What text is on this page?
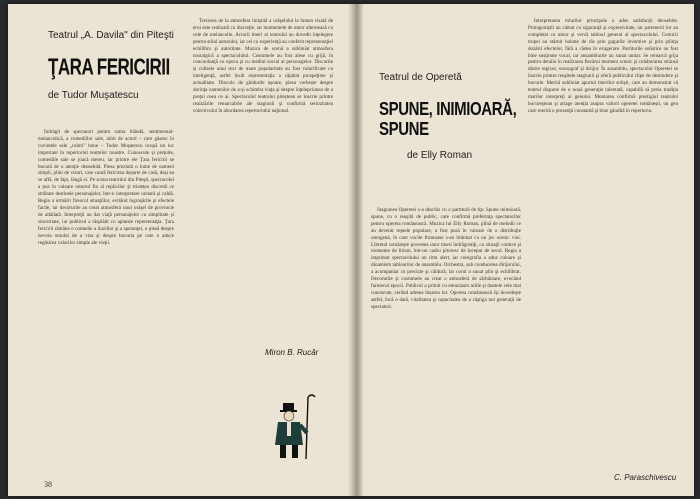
Teatrul „A. Davila" din Piteşti
ŢARA FERICIRII
de Tudor Muşatescu

Îndrăgit de spectatori pentru satira blândă, sentimental-melancolică, a comediilor sale, iubit de actori – care găsesc în cuvintele sale „roluri" bune – Tudor Muşatescu ocupă un loc important în repertoriul teatrelor noastre. Cunoscute şi preţuite, comediile sale se joacă mereu, iar printre ele Ţara fericirii se bucură de o atenţie deosebită. Piesa prezintă o lume de oameni simpli, plini de visuri, care caută fericirea departe de casă, deşi ea se află, de fapt, lângă ei. Pe scena teatrului din Piteşti, spectacolul a pus în valoare umorul fin al replicilor şi tristeţea discretă ce străbate destinele personajelor, într-o interpretare unitară şi caldă. Regia a urmărit firescul situaţiilor, evitând îngroşările şi efectele facile, iar decorurile au creat atmosfera unui orăşel de provincie de altădată. Interpreţii au dat viaţă personajelor cu simplitate şi sinceritate, iar publicul a răsplătit cu aplauze reprezentaţia. Ţara fericirii rămâne o comedie a iluziilor şi a speranţei, o piesă despre nevoia omului de a visa şi despre bucuria pe care o aduce regăsirea valorilor simple ale vieţii.

Trecerea de la atmosfera liniştită a orăşelului la lumea visată de eroi este realizată cu discreţie, iar momentele de umor alternează cu cele de melancolie. Actorii tineri ai teatrului au dovedit înţelegere pentru stilul autorului, iar cei cu experienţă au conferit reprezentaţiei echilibru şi autoritate. Muzica de scenă a subliniat atmosfera nostalgică a spectacolului. Costumele au fost alese cu grijă, în concordanţă cu epoca şi cu mediul social al personajelor. Discurile şi culisele unui text de mare popularitate au fost valorificate cu inteligenţă, astfel încât reprezentaţia a căpătat prospeţime şi actualitate. Dincolo de ghidurile uşoare, piesa vorbeşte despre dorinţa oamenilor de a-şi schimba viaţa şi despre înţelepciunea de a preţui ceea ce ai. Spectacolul teatrului piteştean se înscrie printre realizările remarcabile ale stagiunii şi confirmă seriozitatea colectivului în abordarea repertoriului naţional.

Miron B. Rucăr
38
Teatrul de Operetă
SPUNE, INIMIOARĂ, SPUNE
de Elly Roman

Stagiunea Operetei s-a deschis cu o partitură de tip: Spune inimioară, spune, cu o reuşită de public, care confirmă preferinţa spectatorilor pentru opereta românească. Muzica lui Elly Roman, plină de melodii ce au devenit repede populare, a fost pusă în valoare de o distribuţie omogenă, în care vocile frumoase s-au îmbinat cu un joc scenic vioi. Libretul urmăreşte povestea unor tineri îndrăgostiţi, cu situaţii comice şi momente de lirism, într-un cadru pitoresc de început de secol. Regia a imprimat spectacolului un ritm alert, iar coregrafia a adus culoare şi dinamism tablourilor de ansamblu. Orchestra, sub conducerea dirijorului, a acompaniat cu precizie şi căldură, iar corul a sunat plin şi echilibrat. Decorurile şi costumele au creat o atmosferă de sărbătoare, evocând farmecul epocii. Publicul a primit cu entuziasm ariile şi duetele cele mai cunoscute, cerând adesea bisarea lor. Opereta românească îşi dovedeşte astfel, încă o dată, vitalitatea şi capacitatea de a câştiga noi generaţii de spectatori.

Interpretarea rolurilor principale a adus satisfacţii deosebite. Protagoniştii au cântat cu siguranţă şi expresivitate, iar partenerii lor au completat cu umor şi vervă tabloul general al spectacolului. Comicii trupei au stârnit hohote de râs prin gagurile inventive şi prin ştiinţa dozării efectelor, fără a cădea în exagerare. Partiturile solistice au fost bine susţinute vocal, iar ansamblurile au sunat unitar. Se remarcă grija pentru detaliu în realizarea fiecărui moment scenic şi colaborarea strânsă dintre regizor, scenograf şi dirijor. În ansamblu, spectacolul Operetei se înscrie printre reuşitele stagiunii şi oferă publicului clipe de destindere şi bucurie. Merită subliniat aportul tinerilor solişti, care au demonstrat că teatrul dispune de o nouă generaţie talentată, capabilă să preia tradiţia marilor interpreţi ai genului. Montarea confirmă prestigiul teatrului bucureştean şi atrage atenţia asupra valorii operetei româneşti, un gen care merită o prezenţă constantă şi bine gândită în repertoriu.

C. Paraschivescu
